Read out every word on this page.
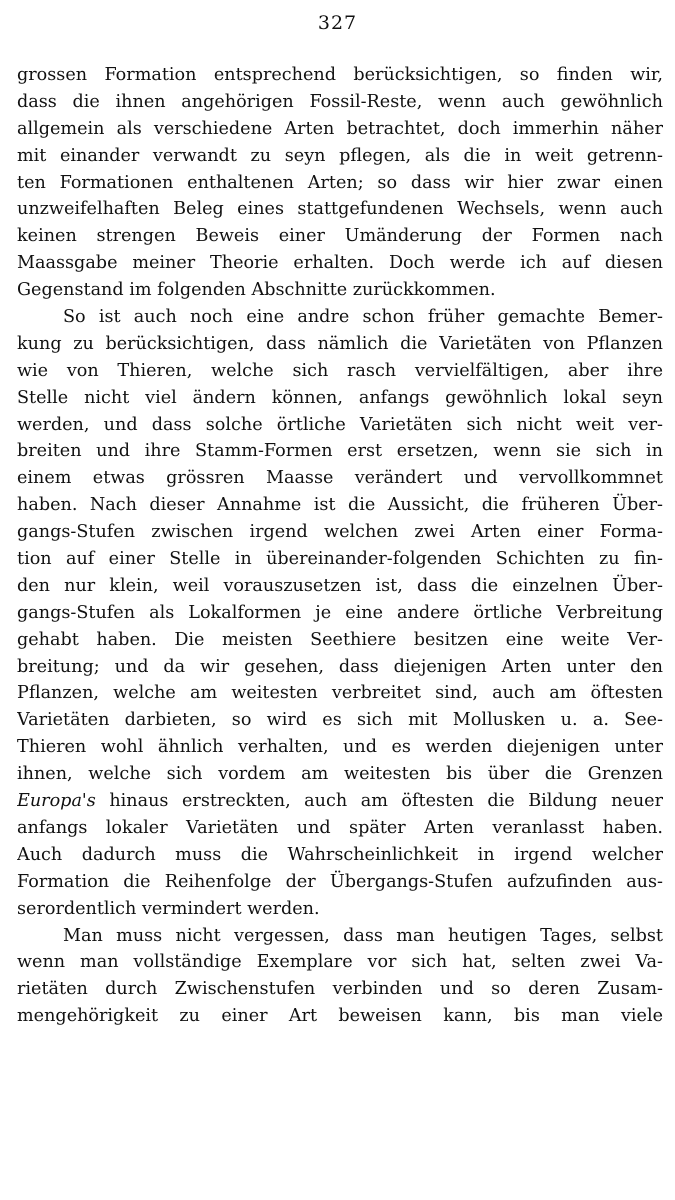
327
grossen Formation entsprechend berücksichtigen, so finden wir,
dass die ihnen angehörigen Fossil-Reste, wenn auch gewöhnlich
allgemein als verschiedene Arten betrachtet, doch immerhin näher
mit einander verwandt zu seyn pflegen, als die in weit getrenn-
ten Formationen enthaltenen Arten; so dass wir hier zwar einen
unzweifelhaften Beleg eines stattgefundenen Wechsels, wenn auch
keinen strengen Beweis einer Umänderung der Formen nach
Maassgabe meiner Theorie erhalten. Doch werde ich auf diesen
Gegenstand im folgenden Abschnitte zurückkommen.
So ist auch noch eine andre schon früher gemachte Bemer-
kung zu berücksichtigen, dass nämlich die Varietäten von Pflanzen
wie von Thieren, welche sich rasch vervielfältigen, aber ihre
Stelle nicht viel ändern können, anfangs gewöhnlich lokal seyn
werden, und dass solche örtliche Varietäten sich nicht weit ver-
breiten und ihre Stamm-Formen erst ersetzen, wenn sie sich in
einem etwas grössren Maasse verändert und vervollkommnet
haben. Nach dieser Annahme ist die Aussicht, die früheren Über-
gangs-Stufen zwischen irgend welchen zwei Arten einer Forma-
tion auf einer Stelle in übereinander-folgenden Schichten zu fin-
den nur klein, weil vorauszusetzen ist, dass die einzelnen Über-
gangs-Stufen als Lokalformen je eine andere örtliche Verbreitung
gehabt haben. Die meisten Seethiere besitzen eine weite Ver-
breitung; und da wir gesehen, dass diejenigen Arten unter den
Pflanzen, welche am weitesten verbreitet sind, auch am öftesten
Varietäten darbieten, so wird es sich mit Mollusken u. a. See-
Thieren wohl ähnlich verhalten, und es werden diejenigen unter
ihnen, welche sich vordem am weitesten bis über die Grenzen
Europa's hinaus erstreckten, auch am öftesten die Bildung neuer
anfangs lokaler Varietäten und später Arten veranlasst haben.
Auch dadurch muss die Wahrscheinlichkeit in irgend welcher
Formation die Reihenfolge der Übergangs-Stufen aufzufinden aus-
serordentlich vermindert werden.
Man muss nicht vergessen, dass man heutigen Tages, selbst
wenn man vollständige Exemplare vor sich hat, selten zwei Va-
rietäten durch Zwischenstufen verbinden und so deren Zusam-
mengehörigkeit zu einer Art beweisen kann, bis man viele
